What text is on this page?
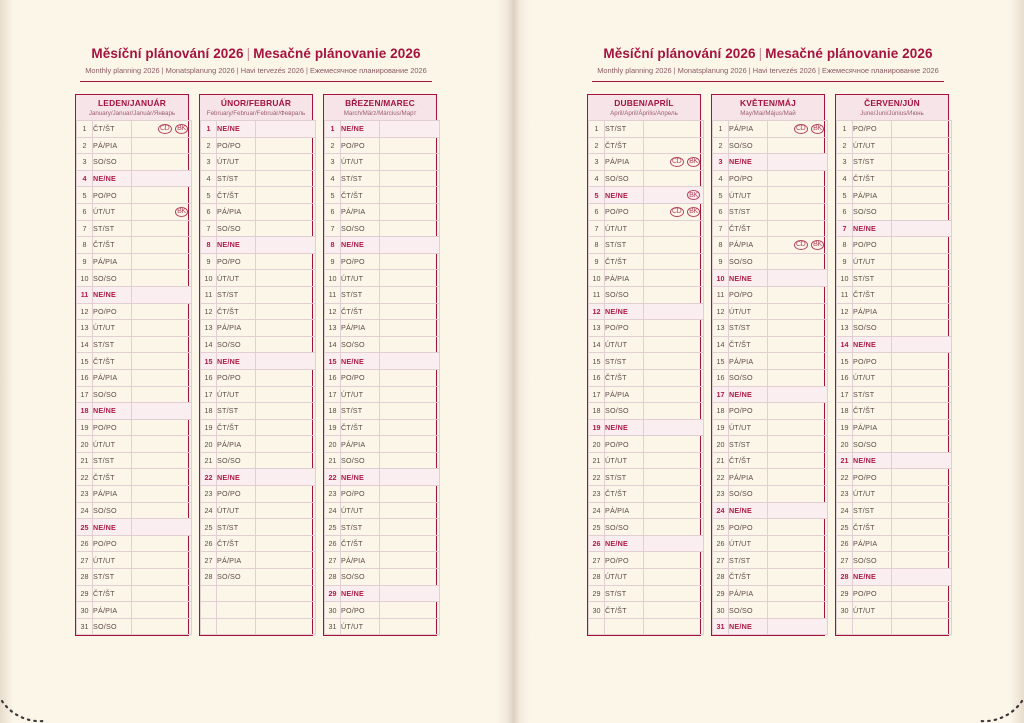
Měsíční plánování 2026 | Mesačné plánovanie 2026
Monthly planning 2026 | Monatsplanung 2026 | Havi tervezés 2026 | Ежемесячное планирование 2026
LEDEN/JANUÁR
January/Januar/Január/Январь
1	ČT/ŠT	CD BK

2	PÁ/PIA	
3	SO/SO	
4	NE/NE	
5	PO/PO	
6	ÚT/UT	BK

7	ST/ST	
8	ČT/ŠT	
9	PÁ/PIA	
10	SO/SO	
11	NE/NE	
12	PO/PO	
13	ÚT/UT	
14	ST/ST	
15	ČT/ŠT	
16	PÁ/PIA	
17	SO/SO	
18	NE/NE	
19	PO/PO	
20	ÚT/UT	
21	ST/ST	
22	ČT/ŠT	
23	PÁ/PIA	
24	SO/SO	
25	NE/NE	
26	PO/PO	
27	ÚT/UT	
28	ST/ST	
29	ČT/ŠT	
30	PÁ/PIA	
31	SO/SO	
ÚNOR/FEBRUÁR
February/Februar/Február/Февраль
1	NE/NE	
2	PO/PO	
3	ÚT/UT	
4	ST/ST	
5	ČT/ŠT	
6	PÁ/PIA	
7	SO/SO	
8	NE/NE	
9	PO/PO	
10	ÚT/UT	
11	ST/ST	
12	ČT/ŠT	
13	PÁ/PIA	
14	SO/SO	
15	NE/NE	
16	PO/PO	
17	ÚT/UT	
18	ST/ST	
19	ČT/ŠT	
20	PÁ/PIA	
21	SO/SO	
22	NE/NE	
23	PO/PO	
24	ÚT/UT	
25	ST/ST	
26	ČT/ŠT	
27	PÁ/PIA	
28	SO/SO	

BŘEZEN/MAREC
March/März/Március/Март
1	NE/NE	
2	PO/PO	
3	ÚT/UT	
4	ST/ST	
5	ČT/ŠT	
6	PÁ/PIA	
7	SO/SO	
8	NE/NE	
9	PO/PO	
10	ÚT/UT	
11	ST/ST	
12	ČT/ŠT	
13	PÁ/PIA	
14	SO/SO	
15	NE/NE	
16	PO/PO	
17	ÚT/UT	
18	ST/ST	
19	ČT/ŠT	
20	PÁ/PIA	
21	SO/SO	
22	NE/NE	
23	PO/PO	
24	ÚT/UT	
25	ST/ST	
26	ČT/ŠT	
27	PÁ/PIA	
28	SO/SO	
29	NE/NE	
30	PO/PO	
31	ÚT/UT	
Měsíční plánování 2026 | Mesačné plánovanie 2026
Monthly planning 2026 | Monatsplanung 2026 | Havi tervezés 2026 | Ежемесячное планирование 2026
DUBEN/APRÍL
April/April/Április/Апрель
1	ST/ST	
2	ČT/ŠT	
3	PÁ/PIA	CD BK

4	SO/SO	
5	NE/NE	BK

6	PO/PO	CD BK

7	ÚT/UT	
8	ST/ST	
9	ČT/ŠT	
10	PÁ/PIA	
11	SO/SO	
12	NE/NE	
13	PO/PO	
14	ÚT/UT	
15	ST/ST	
16	ČT/ŠT	
17	PÁ/PIA	
18	SO/SO	
19	NE/NE	
20	PO/PO	
21	ÚT/UT	
22	ST/ST	
23	ČT/ŠT	
24	PÁ/PIA	
25	SO/SO	
26	NE/NE	
27	PO/PO	
28	ÚT/UT	
29	ST/ST	
30	ČT/ŠT	

KVĚTEN/MÁJ
May/Mai/Május/Май
1	PÁ/PIA	CD BK

2	SO/SO	
3	NE/NE	
4	PO/PO	
5	ÚT/UT	
6	ST/ST	
7	ČT/ŠT	
8	PÁ/PIA	CD BK

9	SO/SO	
10	NE/NE	
11	PO/PO	
12	ÚT/UT	
13	ST/ST	
14	ČT/ŠT	
15	PÁ/PIA	
16	SO/SO	
17	NE/NE	
18	PO/PO	
19	ÚT/UT	
20	ST/ST	
21	ČT/ŠT	
22	PÁ/PIA	
23	SO/SO	
24	NE/NE	
25	PO/PO	
26	ÚT/UT	
27	ST/ST	
28	ČT/ŠT	
29	PÁ/PIA	
30	SO/SO	
31	NE/NE	
ČERVEN/JÚN
June/Juni/Június/Июнь
1	PO/PO	
2	ÚT/UT	
3	ST/ST	
4	ČT/ŠT	
5	PÁ/PIA	
6	SO/SO	
7	NE/NE	
8	PO/PO	
9	ÚT/UT	
10	ST/ST	
11	ČT/ŠT	
12	PÁ/PIA	
13	SO/SO	
14	NE/NE	
15	PO/PO	
16	ÚT/UT	
17	ST/ST	
18	ČT/ŠT	
19	PÁ/PIA	
20	SO/SO	
21	NE/NE	
22	PO/PO	
23	ÚT/UT	
24	ST/ST	
25	ČT/ŠT	
26	PÁ/PIA	
27	SO/SO	
28	NE/NE	
29	PO/PO	
30	ÚT/UT	
